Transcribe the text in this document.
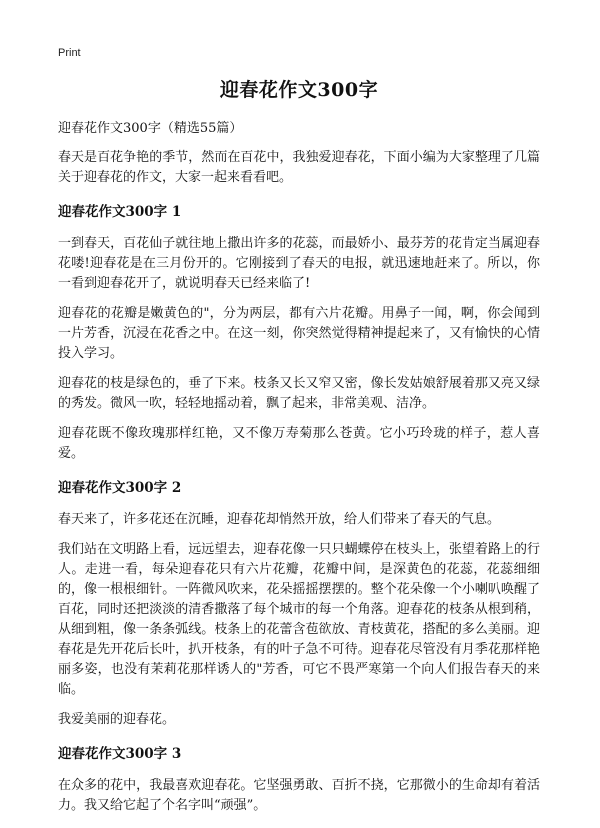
Print
迎春花作文300字
迎春花作文300字（精选55篇）

春天是百花争艳的季节，然而在百花中，我独爱迎春花，下面小编为大家整理了几篇关于迎春花的作文，大家一起来看看吧。

迎春花作文300字 1

一到春天，百花仙子就往地上撒出许多的花蕊，而最娇小、最芬芳的花肯定当属迎春花喽!迎春花是在三月份开的。它刚接到了春天的电报，就迅速地赶来了。所以，你一看到迎春花开了，就说明春天已经来临了!

迎春花的花瓣是嫩黄色的"，分为两层，都有六片花瓣。用鼻子一闻，啊，你会闻到一片芳香，沉浸在花香之中。在这一刻，你突然觉得精神提起来了，又有愉快的心情投入学习。

迎春花的枝是绿色的，垂了下来。枝条又长又窄又密，像长发姑娘舒展着那又亮又绿的秀发。微风一吹，轻轻地摇动着，飘了起来，非常美观、洁净。

迎春花既不像玫瑰那样红艳，又不像万寿菊那么苍黄。它小巧玲珑的样子，惹人喜爱。

迎春花作文300字 2

春天来了，许多花还在沉睡，迎春花却悄然开放，给人们带来了春天的气息。

我们站在文明路上看，远远望去，迎春花像一只只蝴蝶停在枝头上，张望着路上的行人。走进一看，每朵迎春花只有六片花瓣，花瓣中间，是深黄色的花蕊，花蕊细细的，像一根根细针。一阵微风吹来，花朵摇摇摆摆的。整个花朵像一个小喇叭唤醒了百花，同时还把淡淡的清香撒落了每个城市的每一个角落。迎春花的枝条从根到稍，从细到粗，像一条条弧线。枝条上的花蕾含苞欲放、青枝黄花，搭配的多么美丽。迎春花是先开花后长叶，扒开枝条，有的叶子急不可待。迎春花尽管没有月季花那样艳丽多姿，也没有茉莉花那样诱人的"芳香，可它不畏严寒第一个向人们报告春天的来临。

我爱美丽的迎春花。

迎春花作文300字 3

在众多的花中，我最喜欢迎春花。它坚强勇敢、百折不挠，它那微小的生命却有着活力。我又给它起了个名字叫“顽强”。
